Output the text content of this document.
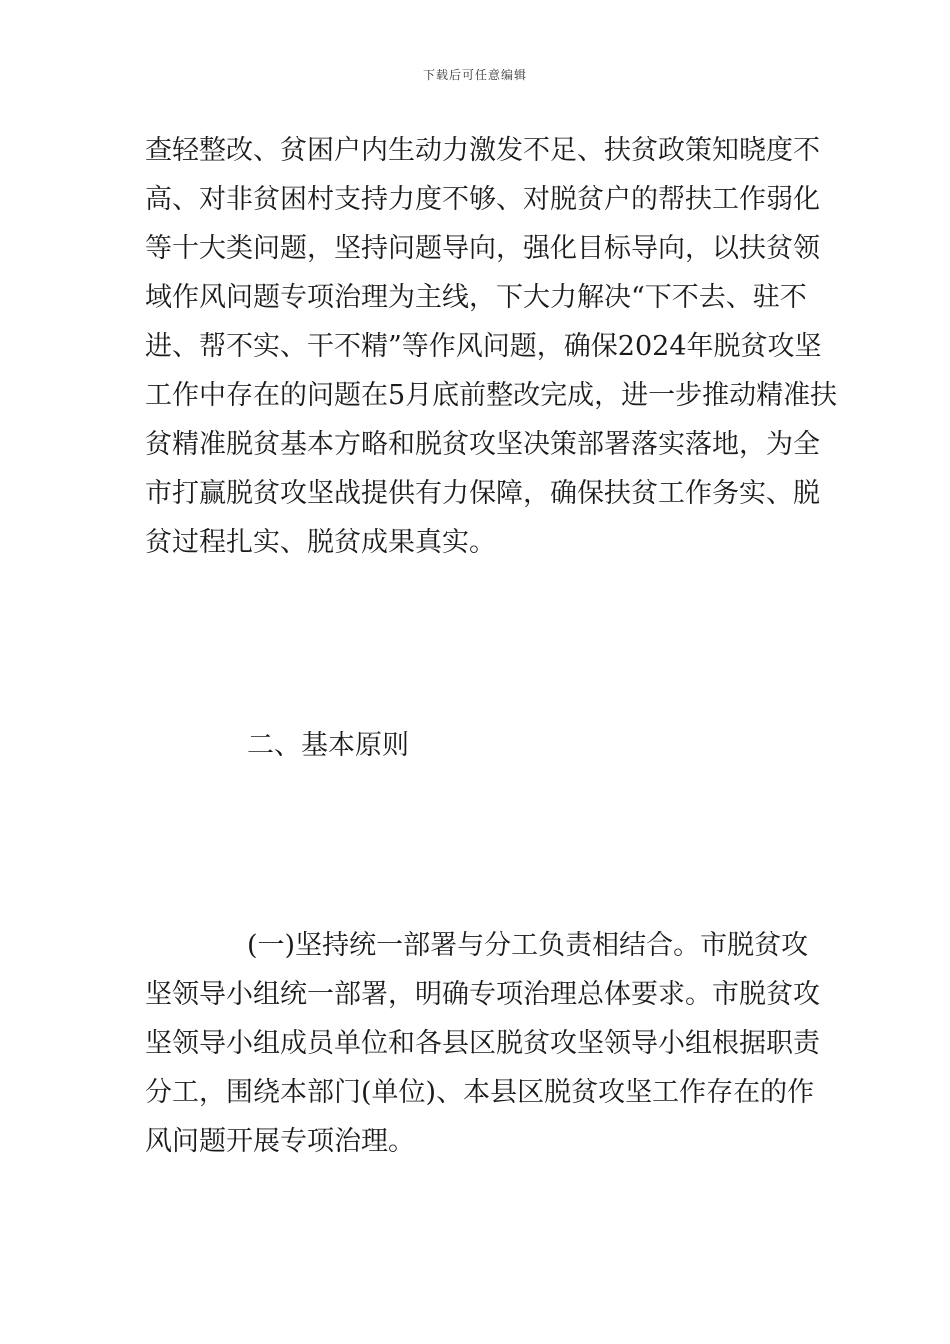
下载后可任意编辑
查轻整改、贫困户内生动力激发不足、扶贫政策知晓度不
高、对非贫困村支持力度不够、对脱贫户的帮扶工作弱化
等十大类问题，坚持问题导向，强化目标导向，以扶贫领
域作风问题专项治理为主线，下大力解决“下不去、驻不
进、帮不实、干不精”等作风问题，确保2024年脱贫攻坚
工作中存在的问题在5月底前整改完成，进一步推动精准扶
贫精准脱贫基本方略和脱贫攻坚决策部署落实落地，为全
市打赢脱贫攻坚战提供有力保障，确保扶贫工作务实、脱
贫过程扎实、脱贫成果真实。
二、基本原则
(一)坚持统一部署与分工负责相结合。市脱贫攻
坚领导小组统一部署，明确专项治理总体要求。市脱贫攻
坚领导小组成员单位和各县区脱贫攻坚领导小组根据职责
分工，围绕本部门(单位)、本县区脱贫攻坚工作存在的作
风问题开展专项治理。
